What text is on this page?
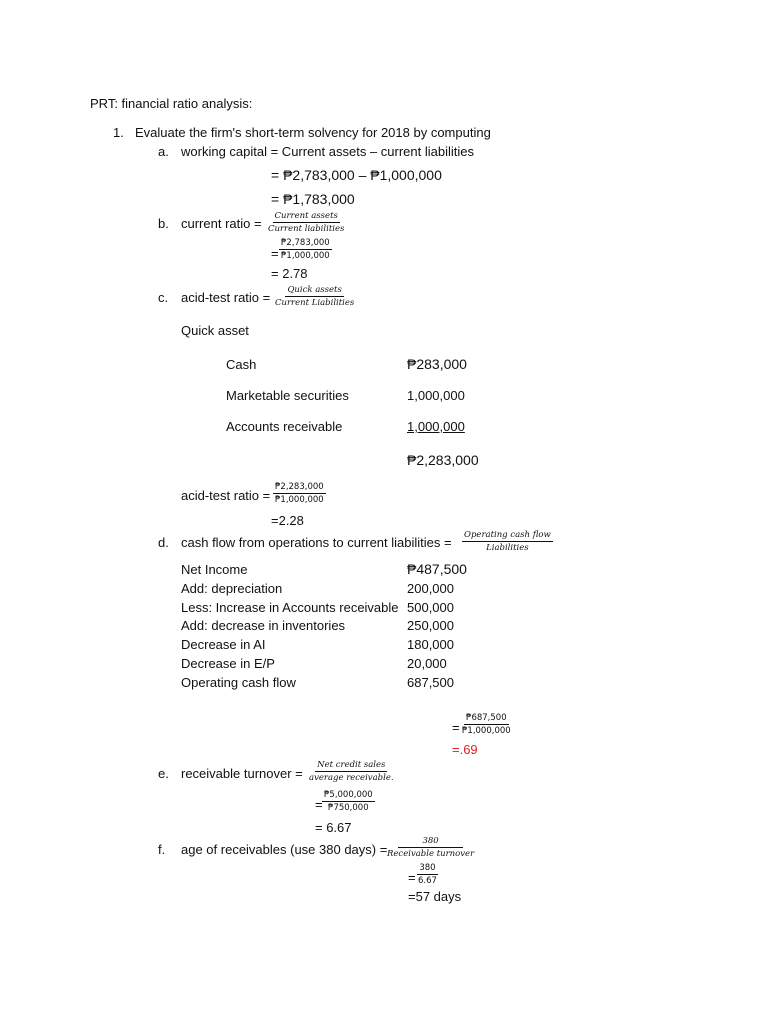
PRT: financial ratio analysis:
1. Evaluate the firm's short-term solvency for 2018 by computing
a. working capital = Current assets – current liabilities
= ₱2,783,000 – ₱1,000,000
= ₱1,783,000
b. current ratio = Current assets
Current liabilities
= $\frac{₱2,783,000}{₱1,000,000}$
= 2.78
c. acid-test ratio = Quick assets
Current Liabilities
Quick asset
Cash	₱283,000
Marketable securities	1,000,000
Accounts receivable	1,000,000
₱2,283,000
acid-test ratio = $\frac{₱2,283,000}{₱1,000,000}$
=2.28
d. cash flow from operations to current liabilities = Operating cash flow
Liabilities
Net Income	₱487,500
Add: depreciation	200,000
Less: Increase in Accounts receivable 500,000
Add: decrease in inventories	250,000
Decrease in AI	180,000
Decrease in E/P	20,000
Operating cash flow	687,500
= $\frac{₱687,500}{₱1,000,000}$
=.69
e. receivable turnover =
Net credit sales
average receivable.
= $\frac{₱5,000,000}{₱750,000}$
= 6.67
f. age of receivables (use 380 days) =
380
Receivable turnover
= $\frac{380}{6.67}$
=57 days
